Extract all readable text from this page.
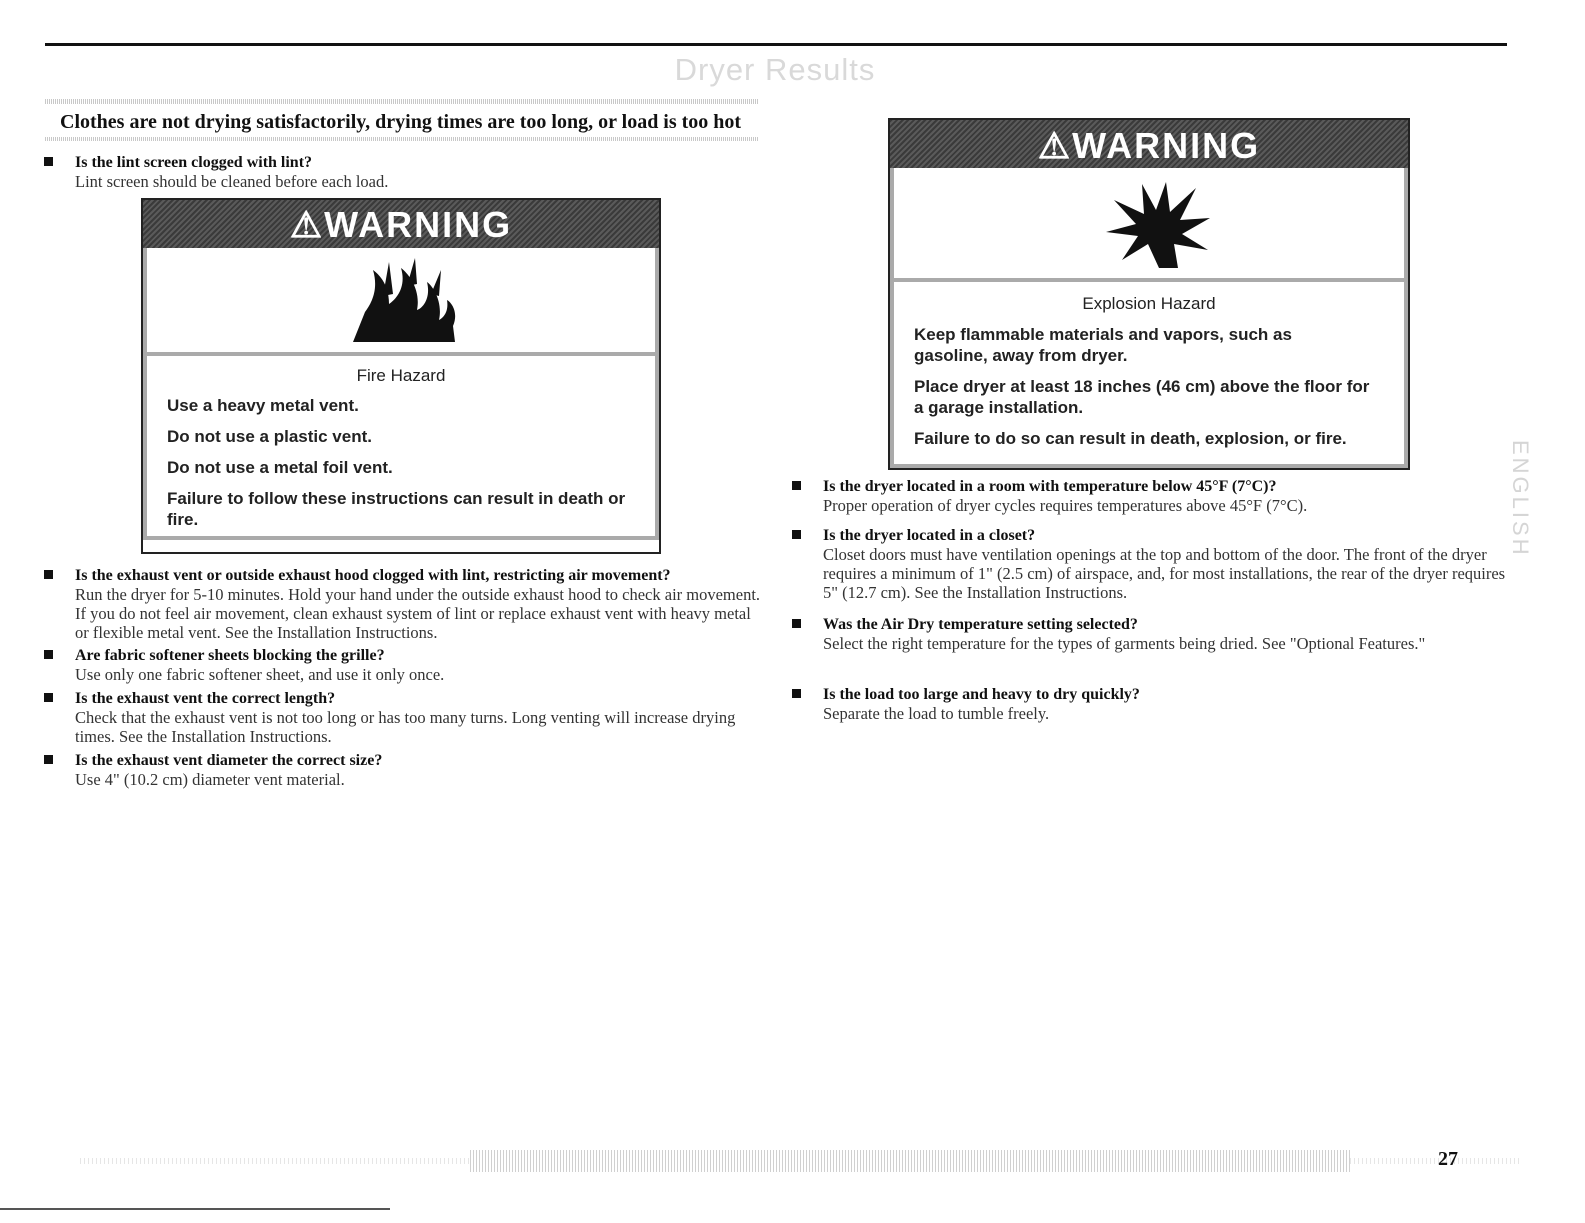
Dryer Results
Clothes are not drying satisfactorily, drying times are too long, or load is too hot
Is the lint screen clogged with lint?
Lint screen should be cleaned before each load.
⚠WARNING
Fire Hazard
Use a heavy metal vent.
Do not use a plastic vent.
Do not use a metal foil vent.
Failure to follow these instructions can result in death or fire.
Is the exhaust vent or outside exhaust hood clogged with lint, restricting air movement?
Run the dryer for 5-10 minutes. Hold your hand under the outside exhaust hood to check air movement. If you do not feel air movement, clean exhaust system of lint or replace exhaust vent with heavy metal or flexible metal vent. See the Installation Instructions.
Are fabric softener sheets blocking the grille?
Use only one fabric softener sheet, and use it only once.
Is the exhaust vent the correct length?
Check that the exhaust vent is not too long or has too many turns. Long venting will increase drying times. See the Installation Instructions.
Is the exhaust vent diameter the correct size?
Use 4" (10.2 cm) diameter vent material.
⚠WARNING
Explosion Hazard
Keep flammable materials and vapors, such as gasoline, away from dryer.
Place dryer at least 18 inches (46 cm) above the floor for a garage installation.
Failure to do so can result in death, explosion, or fire.
Is the dryer located in a room with temperature below 45°F (7°C)?
Proper operation of dryer cycles requires temperatures above 45°F (7°C).
Is the dryer located in a closet?
Closet doors must have ventilation openings at the top and bottom of the door. The front of the dryer requires a minimum of 1" (2.5 cm) of airspace, and, for most installations, the rear of the dryer requires 5" (12.7 cm). See the Installation Instructions.
Was the Air Dry temperature setting selected?
Select the right temperature for the types of garments being dried. See "Optional Features."
Is the load too large and heavy to dry quickly?
Separate the load to tumble freely.
ENGLISH
27
